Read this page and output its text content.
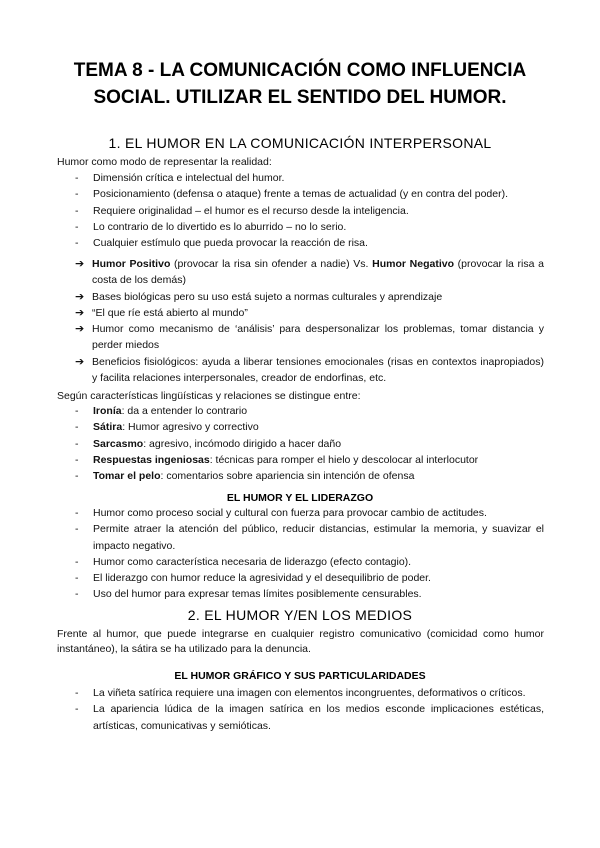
TEMA 8 - LA COMUNICACIÓN COMO INFLUENCIA
SOCIAL. UTILIZAR EL SENTIDO DEL HUMOR.
1. EL HUMOR EN LA COMUNICACIÓN INTERPERSONAL
Humor como modo de representar la realidad:
- Dimensión crítica e intelectual del humor.
- Posicionamiento (defensa o ataque) frente a temas de actualidad (y en contra del poder).
- Requiere originalidad – el humor es el recurso desde la inteligencia.
- Lo contrario de lo divertido es lo aburrido – no lo serio.
- Cualquier estímulo que pueda provocar la reacción de risa.
➔ Humor Positivo (provocar la risa sin ofender a nadie) Vs. Humor Negativo (provocar la risa a costa de los demás)
➔ Bases biológicas pero su uso está sujeto a normas culturales y aprendizaje
➔ “El que ríe está abierto al mundo”
➔ Humor como mecanismo de ‘análisis’ para despersonalizar los problemas, tomar distancia y perder miedos
➔ Beneficios fisiológicos: ayuda a liberar tensiones emocionales (risas en contextos inapropiados) y facilita relaciones interpersonales, creador de endorfinas, etc.
Según características lingüísticas y relaciones se distingue entre:
- Ironía: da a entender lo contrario
- Sátira: Humor agresivo y correctivo
- Sarcasmo: agresivo, incómodo dirigido a hacer daño
- Respuestas ingeniosas: técnicas para romper el hielo y descolocar al interlocutor
- Tomar el pelo: comentarios sobre apariencia sin intención de ofensa
EL HUMOR Y EL LIDERAZGO
- Humor como proceso social y cultural con fuerza para provocar cambio de actitudes.
- Permite atraer la atención del público, reducir distancias, estimular la memoria, y suavizar el impacto negativo.
- Humor como característica necesaria de liderazgo (efecto contagio).
- El liderazgo con humor reduce la agresividad y el desequilibrio de poder.
- Uso del humor para expresar temas límites posiblemente censurables.
2. EL HUMOR Y/EN LOS MEDIOS
Frente al humor, que puede integrarse en cualquier registro comunicativo (comicidad como humor instantáneo), la sátira se ha utilizado para la denuncia.
EL HUMOR GRÁFICO Y SUS PARTICULARIDADES
- La viñeta satírica requiere una imagen con elementos incongruentes, deformativos o críticos.
- La apariencia lúdica de la imagen satírica en los medios esconde implicaciones estéticas, artísticas, comunicativas y semióticas.
